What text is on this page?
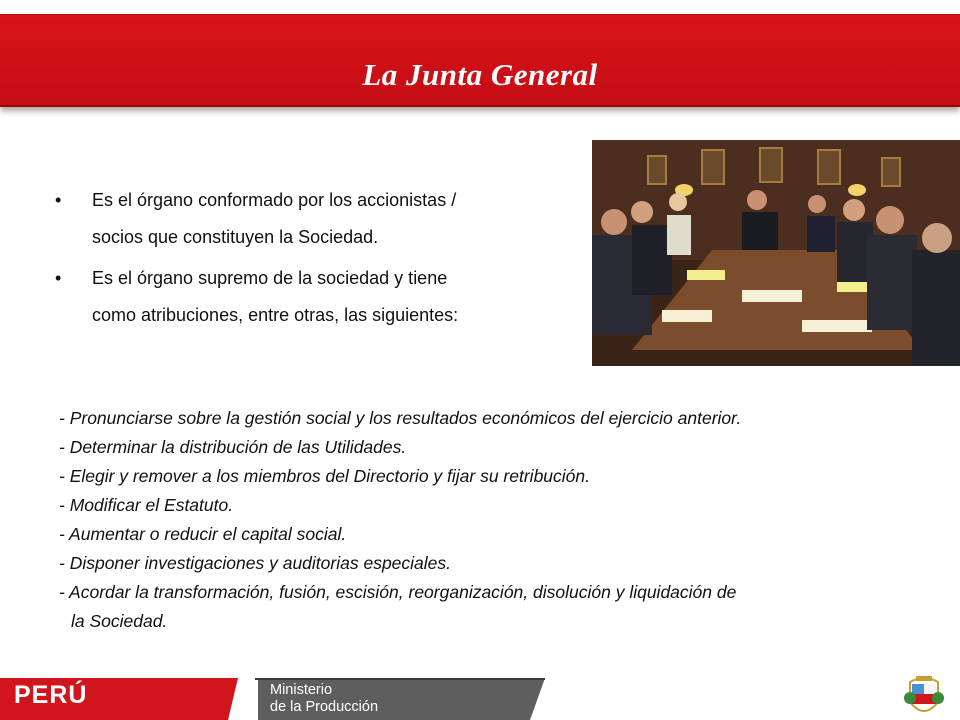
La Junta General
• Es el órgano conformado por los accionistas /
socios que constituyen la Sociedad.
• Es el órgano supremo de la sociedad y tiene
como atribuciones, entre otras, las siguientes:
- Pronunciarse sobre la gestión social y los resultados económicos del ejercicio anterior.
- Determinar la distribución de las Utilidades.
- Elegir y remover a los miembros del Directorio y fijar su retribución.
- Modificar el Estatuto.
- Aumentar o reducir el capital social.
- Disponer investigaciones y auditorias especiales.
- Acordar la transformación, fusión, escisión, reorganización, disolución y liquidación de
la Sociedad.
PERÚ	Ministerio
de la Producción
